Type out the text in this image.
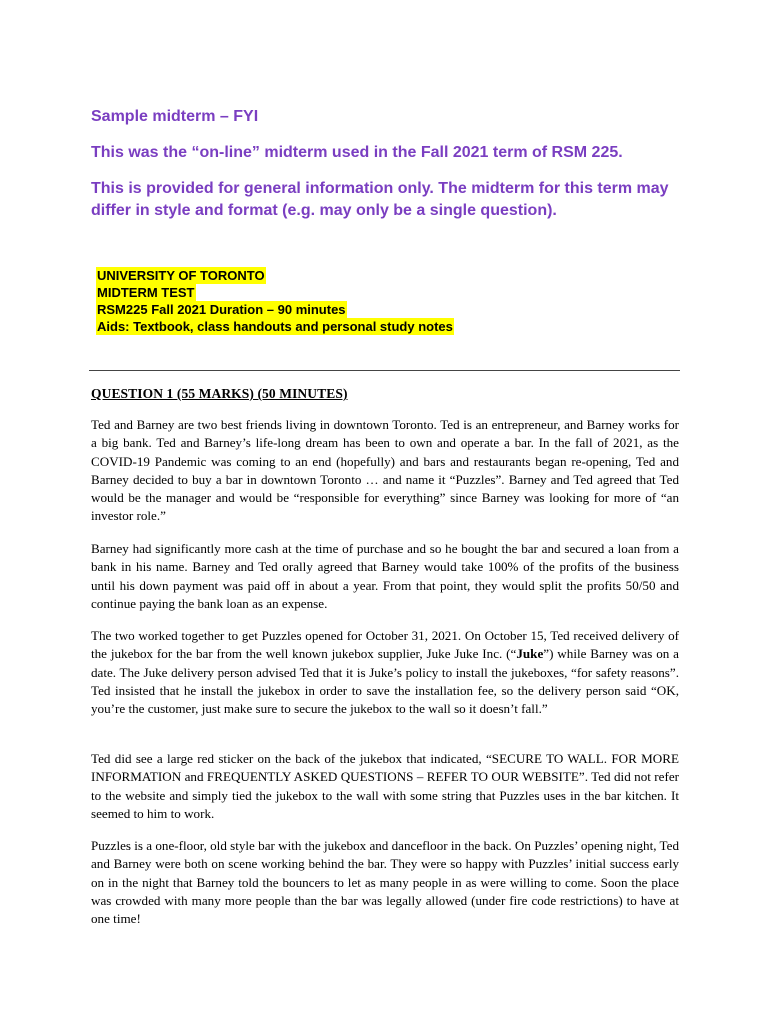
Sample midterm – FYI
This was the “on-line” midterm used in the Fall 2021 term of RSM 225.
This is provided for general information only. The midterm for this term may differ in style and format (e.g. may only be a single question).
UNIVERSITY OF TORONTO
MIDTERM TEST
RSM225 Fall 2021 Duration – 90 minutes
Aids: Textbook, class handouts and personal study notes
QUESTION 1 (55 MARKS) (50 MINUTES)
Ted and Barney are two best friends living in downtown Toronto. Ted is an entrepreneur, and Barney works for a big bank. Ted and Barney’s life-long dream has been to own and operate a bar. In the fall of 2021, as the COVID-19 Pandemic was coming to an end (hopefully) and bars and restaurants began re-opening, Ted and Barney decided to buy a bar in downtown Toronto … and name it “Puzzles”. Barney and Ted agreed that Ted would be the manager and would be “responsible for everything” since Barney was looking for more of “an investor role.”
Barney had significantly more cash at the time of purchase and so he bought the bar and secured a loan from a bank in his name. Barney and Ted orally agreed that Barney would take 100% of the profits of the business until his down payment was paid off in about a year. From that point, they would split the profits 50/50 and continue paying the bank loan as an expense.
The two worked together to get Puzzles opened for October 31, 2021. On October 15, Ted received delivery of the jukebox for the bar from the well known jukebox supplier, Juke Juke Inc. (“Juke”) while Barney was on a date. The Juke delivery person advised Ted that it is Juke’s policy to install the jukeboxes, “for safety reasons”. Ted insisted that he install the jukebox in order to save the installation fee, so the delivery person said “OK, you’re the customer, just make sure to secure the jukebox to the wall so it doesn’t fall.”
Ted did see a large red sticker on the back of the jukebox that indicated, “SECURE TO WALL. FOR MORE INFORMATION and FREQUENTLY ASKED QUESTIONS – REFER TO OUR WEBSITE”. Ted did not refer to the website and simply tied the jukebox to the wall with some string that Puzzles uses in the bar kitchen. It seemed to him to work.
Puzzles is a one-floor, old style bar with the jukebox and dancefloor in the back. On Puzzles’ opening night, Ted and Barney were both on scene working behind the bar. They were so happy with Puzzles’ initial success early on in the night that Barney told the bouncers to let as many people in as were willing to come. Soon the place was crowded with many more people than the bar was legally allowed (under fire code restrictions) to have at one time!
